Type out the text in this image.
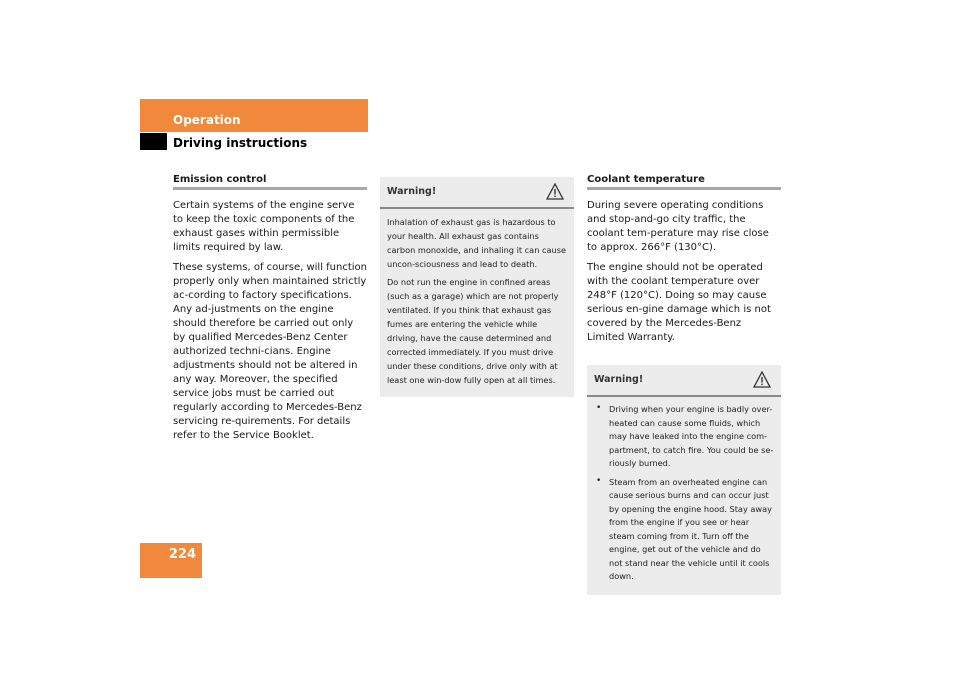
Operation
Driving instructions
Emission control

Certain systems of the engine serve to keep the toxic components of the exhaust gases within permissible limits required by law.

These systems, of course, will function properly only when maintained strictly ac-cording to factory specifications. Any ad-justments on the engine should therefore be carried out only by qualified Mercedes-Benz Center authorized techni-cians. Engine adjustments should not be altered in any way. Moreover, the specified service jobs must be carried out regularly according to Mercedes-Benz servicing re-quirements. For details refer to the Service Booklet.

Warning!

Inhalation of exhaust gas is hazardous to your health. All exhaust gas contains carbon monoxide, and inhaling it can cause uncon-sciousness and lead to death.

Do not run the engine in confined areas (such as a garage) which are not properly ventilated. If you think that exhaust gas fumes are entering the vehicle while driving, have the cause determined and corrected immediately. If you must drive under these conditions, drive only with at least one win-dow fully open at all times.

Coolant temperature

During severe operating conditions and stop-and-go city traffic, the coolant tem-perature may rise close to approx. 266°F (130°C).

The engine should not be operated with the coolant temperature over 248°F (120°C). Doing so may cause serious en-gine damage which is not covered by the Mercedes-Benz Limited Warranty.

Warning!
• Driving when your engine is badly over-heated can cause some fluids, which may have leaked into the engine com-partment, to catch fire. You could be se-riously burned.
• Steam from an overheated engine can cause serious burns and can occur just by opening the engine hood. Stay away from the engine if you see or hear steam coming from it. Turn off the engine, get out of the vehicle and do not stand near the vehicle until it cools down.
224
